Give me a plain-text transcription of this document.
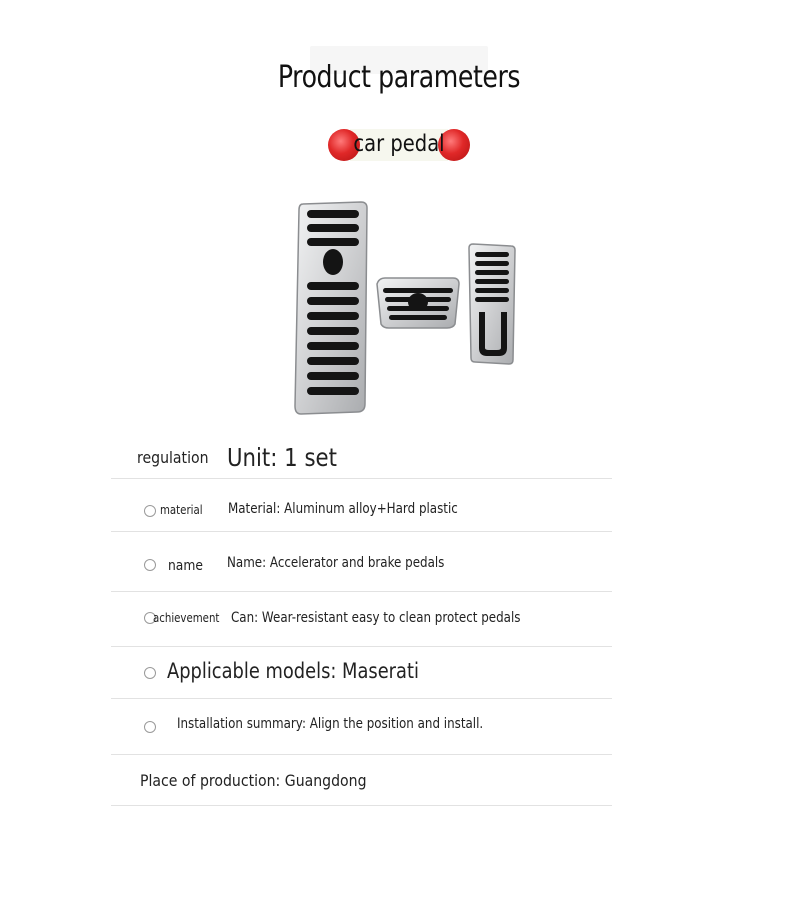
Product parameters
car pedal
regulation Unit: 1 set
material Material: Aluminum alloy+Hard plastic
name Name: Accelerator and brake pedals
achievement Can: Wear-resistant easy to clean protect pedals
Applicable models: Maserati
Installation summary: Align the position and install.
Place of production: Guangdong
